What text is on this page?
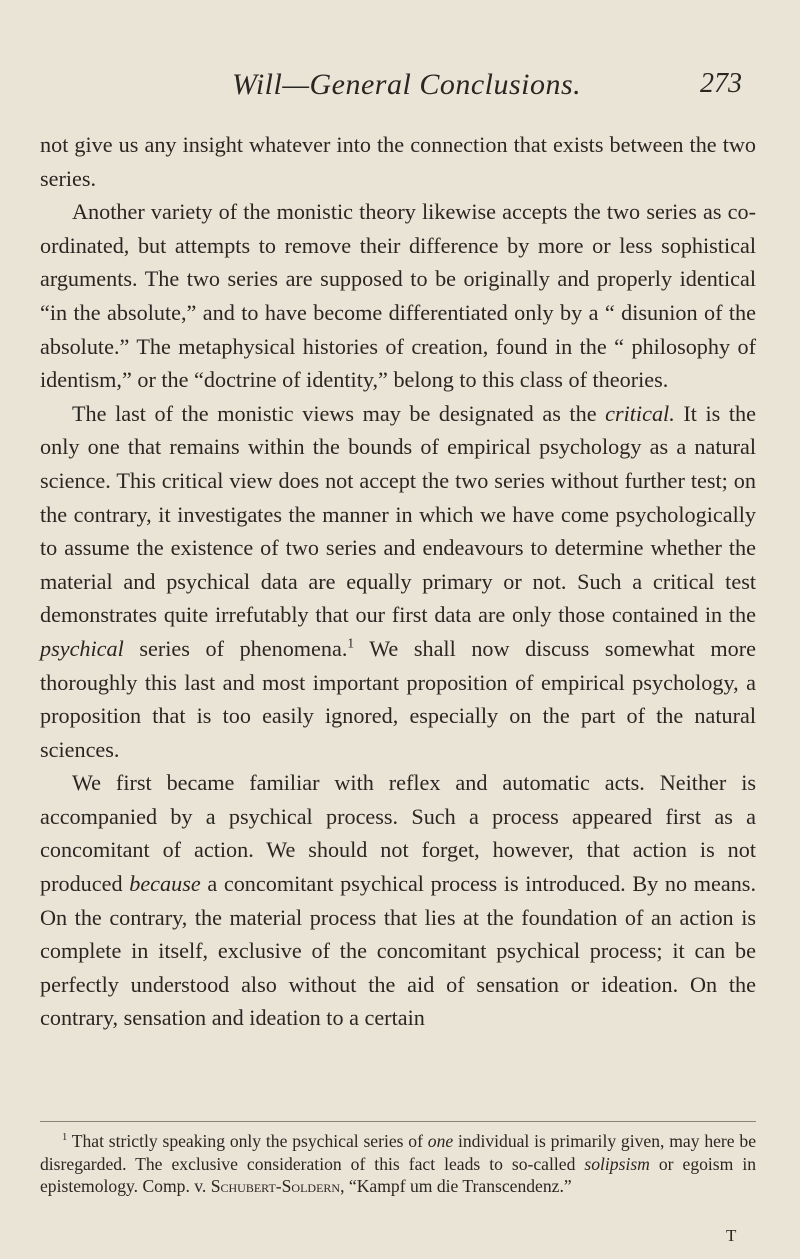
Will—General Conclusions.	273

not give us any insight whatever into the connection that exists between the two series.

Another variety of the monistic theory likewise accepts the two series as co-ordinated, but attempts to remove their difference by more or less sophistical arguments. The two series are supposed to be originally and properly identical “in the absolute,” and to have become differentiated only by a “ disunion of the absolute.” The metaphysical histories of creation, found in the “ philosophy of identism,” or the “doctrine of identity,” belong to this class of theories.

The last of the monistic views may be designated as the critical. It is the only one that remains within the bounds of empirical psychology as a natural science. This critical view does not accept the two series without further test; on the contrary, it investigates the manner in which we have come psychologically to assume the existence of two series and endeavours to determine whether the material and psychical data are equally primary or not. Such a critical test demonstrates quite irrefutably that our first data are only those contained in the psychical series of phenomena.$^1$ We shall now discuss somewhat more thoroughly this last and most important proposition of empirical psychology, a proposition that is too easily ignored, especially on the part of the natural sciences.

We first became familiar with reflex and automatic acts. Neither is accompanied by a psychical process. Such a process appeared first as a concomitant of action. We should not forget, however, that action is not produced because a concomitant psychical process is introduced. By no means. On the contrary, the material process that lies at the foundation of an action is complete in itself, exclusive of the concomitant psychical process; it can be perfectly understood also without the aid of sensation or ideation. On the contrary, sensation and ideation to a certain

$^1$ That strictly speaking only the psychical series of one individual is primarily given, may here be disregarded. The exclusive consideration of this fact leads to so-called solipsism or egoism in epistemology. Comp. v. Schubert-Soldern, “Kampf um die Transcendenz.”

T
